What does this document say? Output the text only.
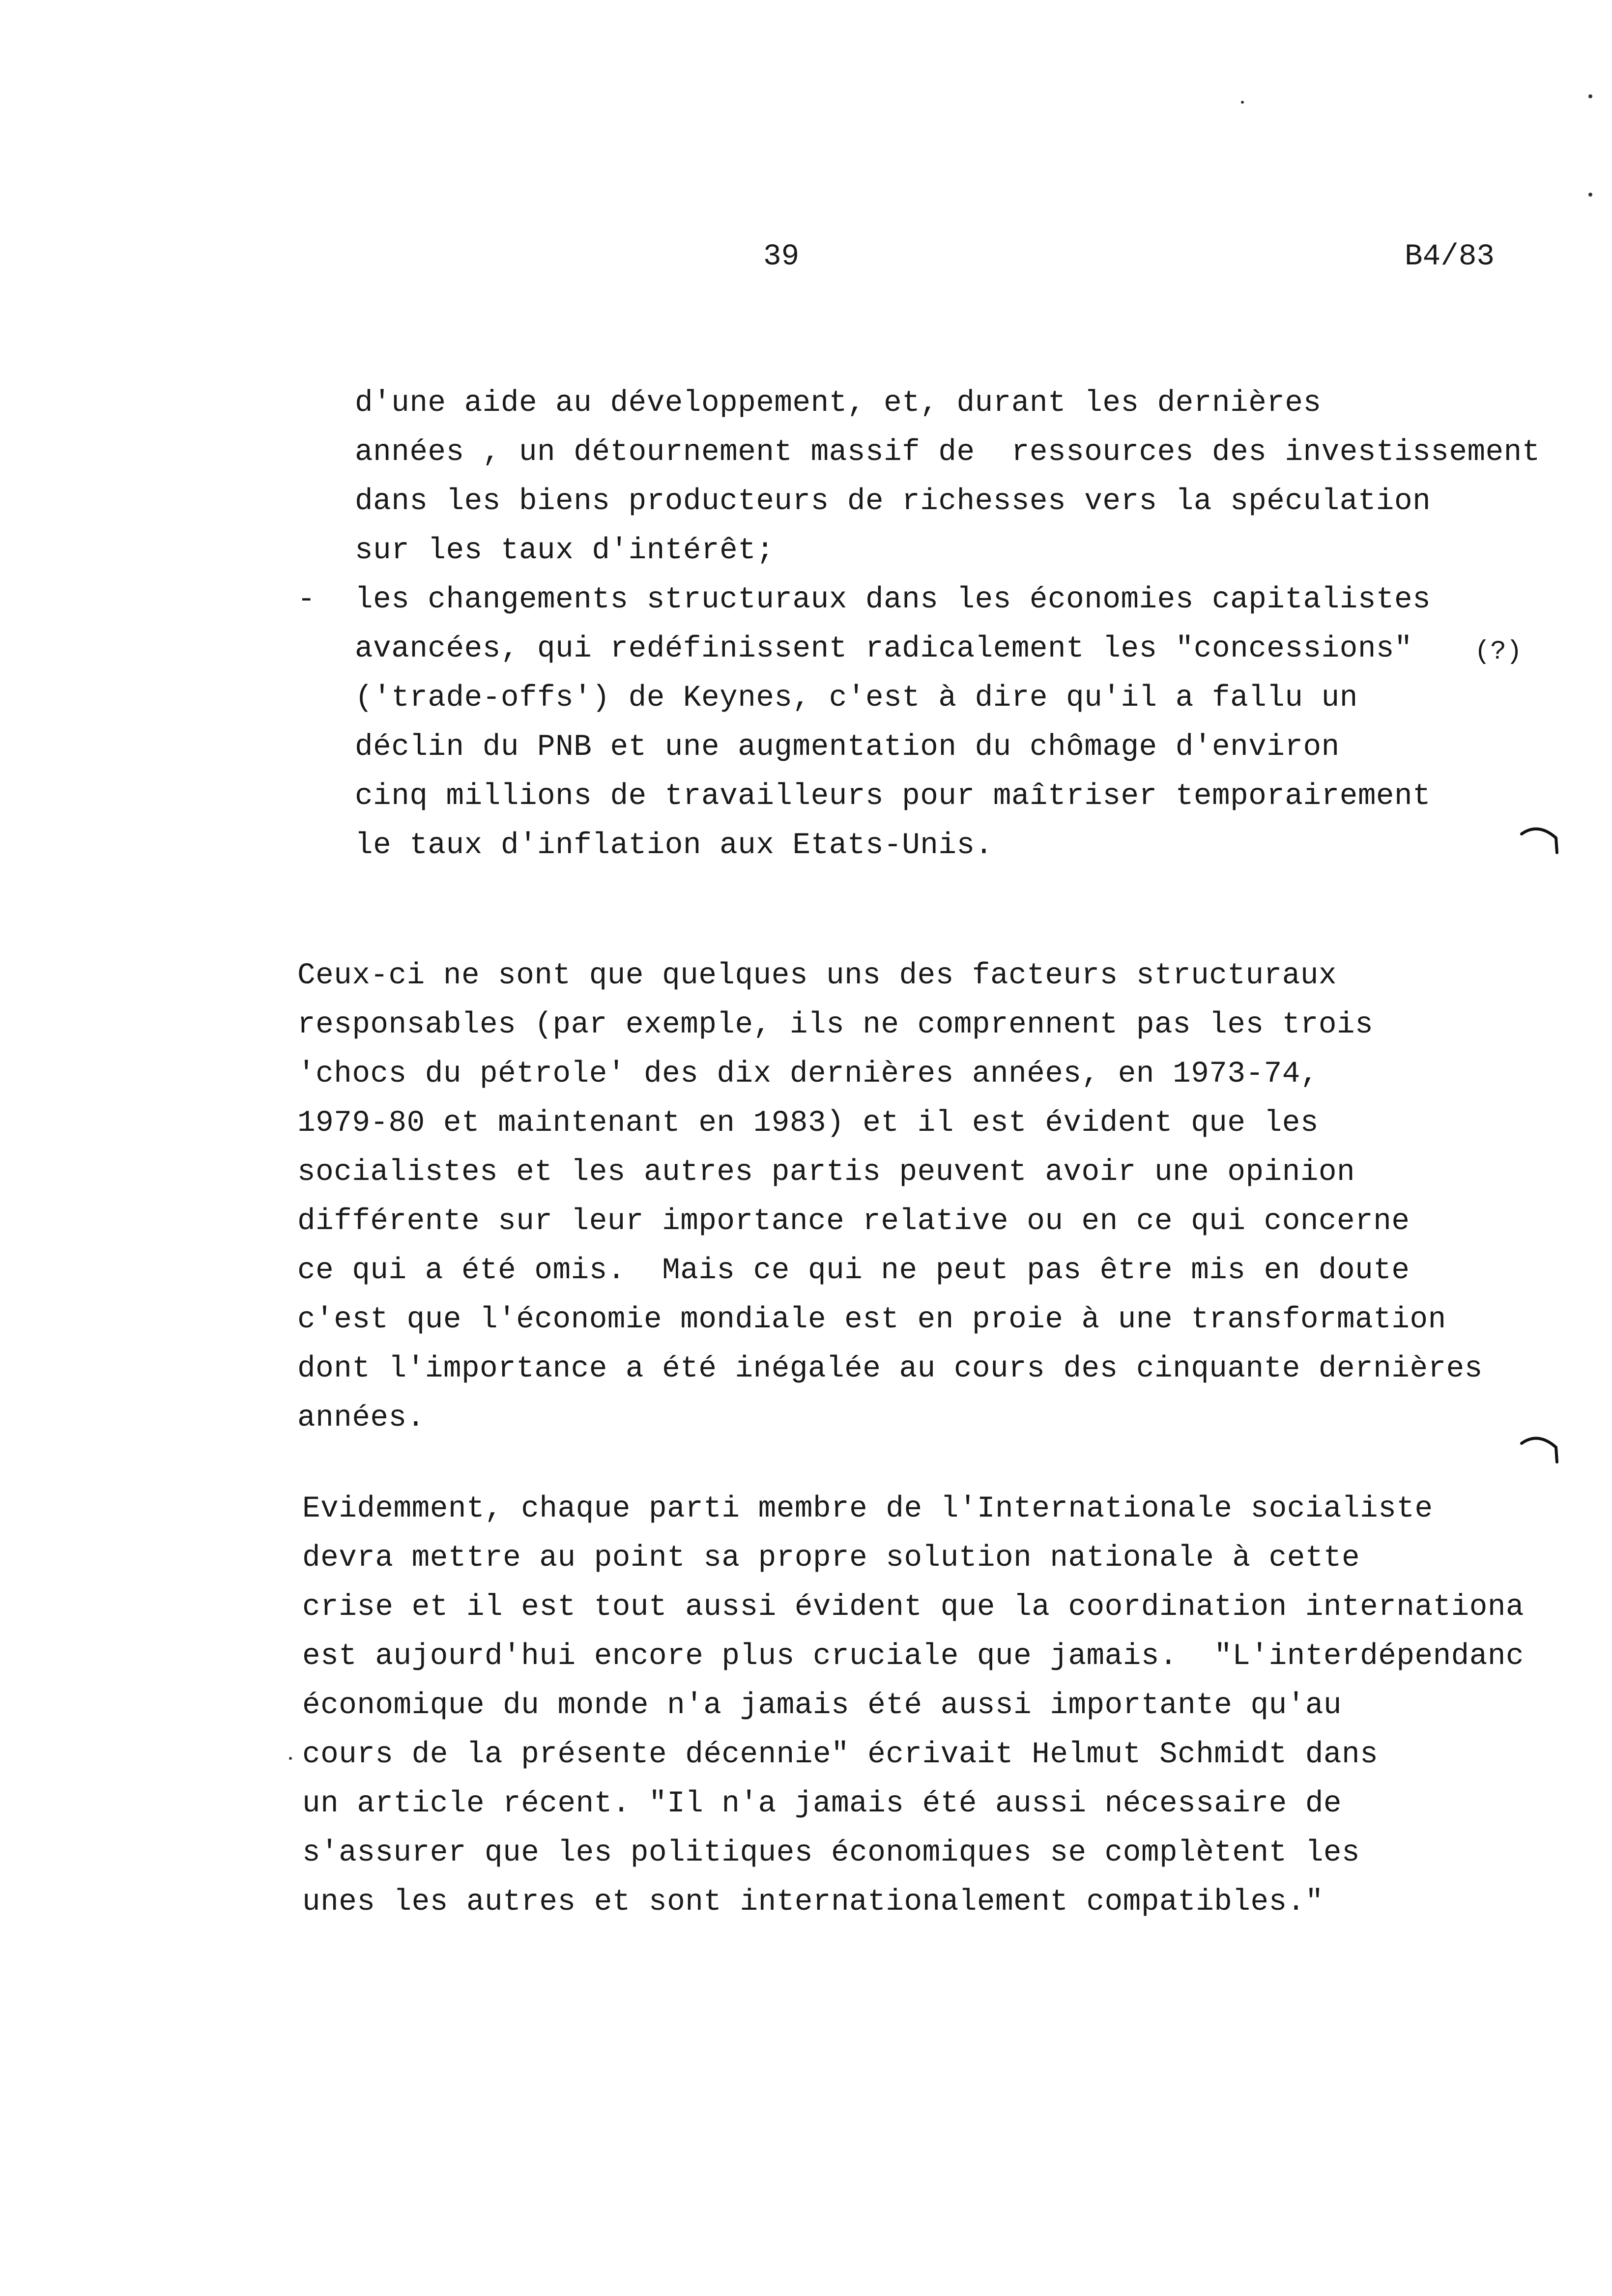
39	B4/83
d'une aide au développement, et, durant les dernières
années , un détournement massif de  ressources des investissement
dans les biens producteurs de richesses vers la spéculation
sur les taux d'intérêt;
- les changements structuraux dans les économies capitalistes
avancées, qui redéfinissent radicalement les "concessions" (?)
('trade-offs') de Keynes, c'est à dire qu'il a fallu un
déclin du PNB et une augmentation du chômage d'environ
cinq millions de travailleurs pour maîtriser temporairement
le taux d'inflation aux Etats-Unis.
Ceux-ci ne sont que quelques uns des facteurs structuraux
responsables (par exemple, ils ne comprennent pas les trois
'chocs du pétrole' des dix dernières années, en 1973-74,
1979-80 et maintenant en 1983) et il est évident que les
socialistes et les autres partis peuvent avoir une opinion
différente sur leur importance relative ou en ce qui concerne
ce qui a été omis.  Mais ce qui ne peut pas être mis en doute
c'est que l'économie mondiale est en proie à une transformation
dont l'importance a été inégalée au cours des cinquante dernières
années.
Evidemment, chaque parti membre de l'Internationale socialiste
devra mettre au point sa propre solution nationale à cette
crise et il est tout aussi évident que la coordination internationa
est aujourd'hui encore plus cruciale que jamais.  "L'interdépendanc
économique du monde n'a jamais été aussi importante qu'au
cours de la présente décennie" écrivait Helmut Schmidt dans
un article récent. "Il n'a jamais été aussi nécessaire de
s'assurer que les politiques économiques se complètent les
unes les autres et sont internationalement compatibles."
